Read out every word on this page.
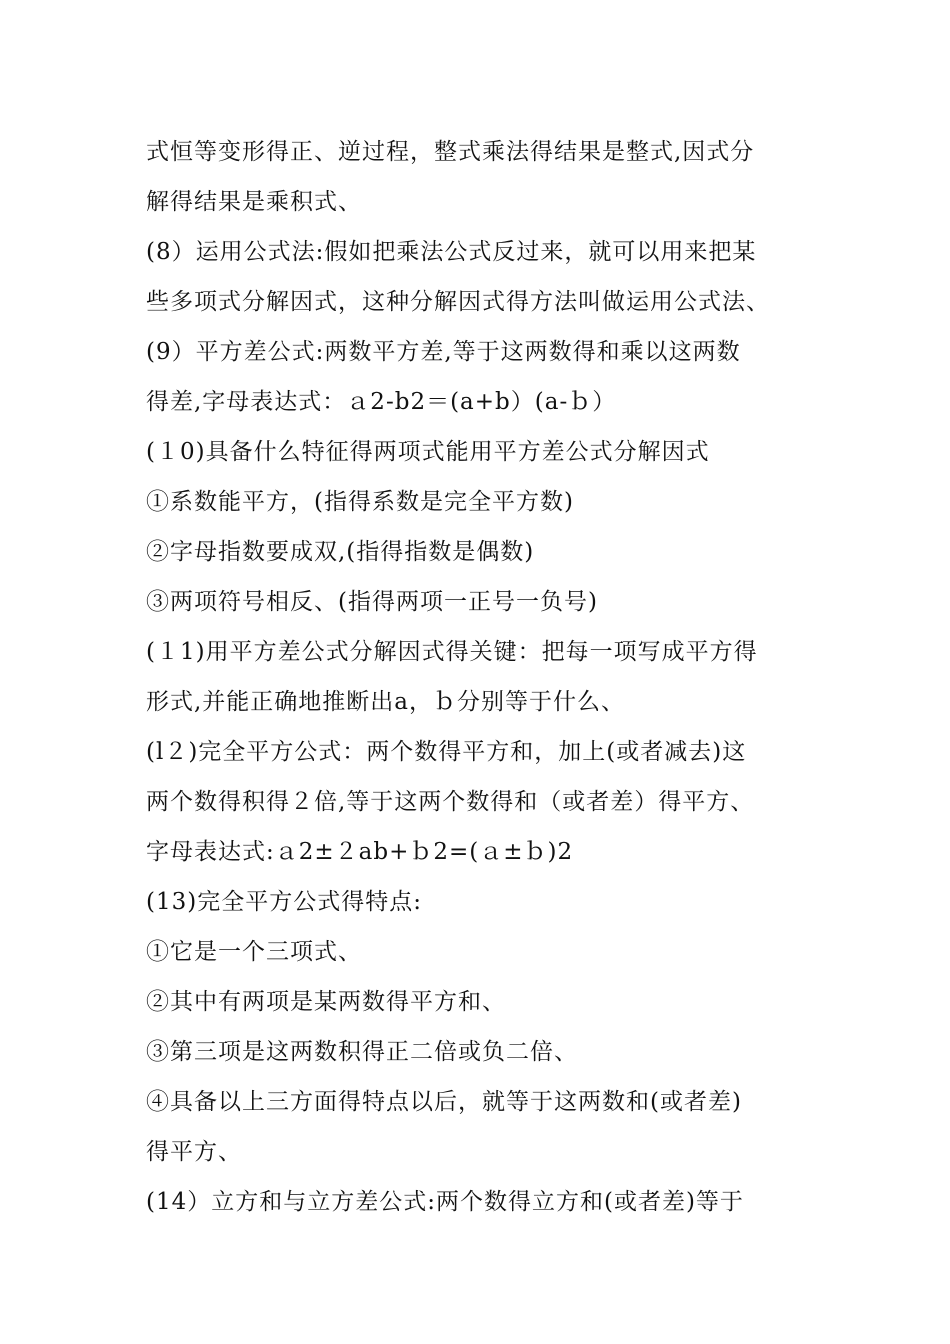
式恒等变形得正、逆过程，整式乘法得结果是整式,因式分
解得结果是乘积式、
(8）运用公式法:假如把乘法公式反过来，就可以用来把某
些多项式分解因式，这种分解因式得方法叫做运用公式法、
(9）平方差公式:两数平方差,等于这两数得和乘以这两数
得差,字母表达式：ａ2-b2＝(a+b）(a-ｂ）
(１0)具备什么特征得两项式能用平方差公式分解因式
①系数能平方，(指得系数是完全平方数)
②字母指数要成双,(指得指数是偶数)
③两项符号相反、(指得两项一正号一负号)
(１1)用平方差公式分解因式得关键：把每一项写成平方得
形式,并能正确地推断出a，ｂ分别等于什么、
(l２)完全平方公式：两个数得平方和，加上(或者减去)这
两个数得积得２倍,等于这两个数得和（或者差）得平方、
字母表达式:ａ2±２ab+ｂ2=(ａ±ｂ)2
(13)完全平方公式得特点:
①它是一个三项式、
②其中有两项是某两数得平方和、
③第三项是这两数积得正二倍或负二倍、
④具备以上三方面得特点以后，就等于这两数和(或者差)
得平方、
(14）立方和与立方差公式:两个数得立方和(或者差)等于
